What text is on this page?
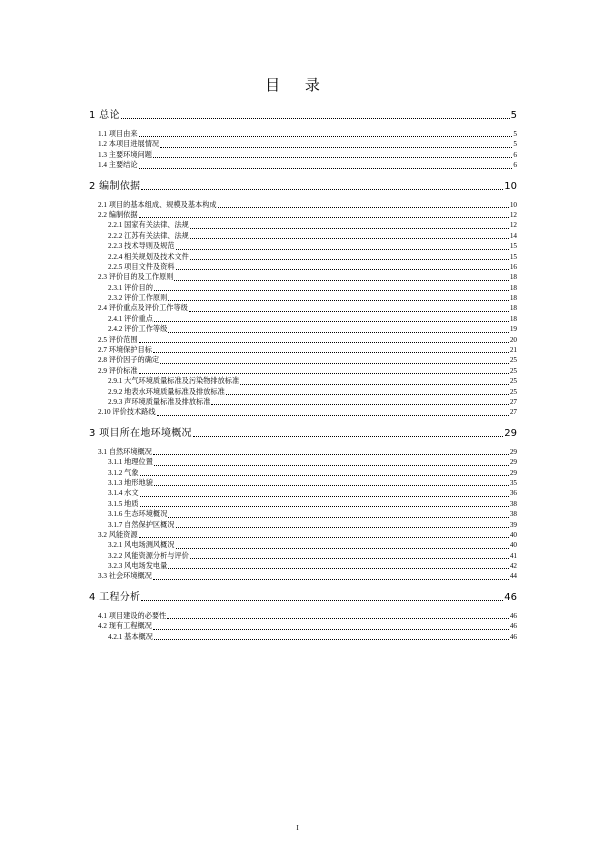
目 录
1 总论	5
1.1 项目由来	5
1.2 本项目进展情况	5
1.3 主要环境问题	6
1.4 主要结论	6
2 编制依据	10
2.1 项目的基本组成、规模及基本构成	10
2.2 编制依据	12
2.2.1 国家有关法律、法规	12
2.2.2 江苏有关法律、法规	14
2.2.3 技术导则及规范	15
2.2.4 相关规划及技术文件	15
2.2.5 项目文件及资料	16
2.3 评价目的及工作原则	18
2.3.1 评价目的	18
2.3.2 评价工作原则	18
2.4 评价重点及评价工作等级	18
2.4.1 评价重点	18
2.4.2 评价工作等级	19
2.5 评价范围	20
2.7 环境保护目标	21
2.8 评价因子的确定	25
2.9 评价标准	25
2.9.1 大气环境质量标准及污染物排放标准	25
2.9.2 地表水环境质量标准及排放标准	25
2.9.3 声环境质量标准及排放标准	27
2.10 评价技术路线	27
3 项目所在地环境概况	29
3.1 自然环境概况	29
3.1.1 地理位置	29
3.1.2 气象	29
3.1.3 地形地貌	35
3.1.4 水文	36
3.1.5 地质	38
3.1.6 生态环境概况	38
3.1.7 自然保护区概况	39
3.2 风能资源	40
3.2.1 风电场测风概况	40
3.2.2 风能资源分析与评价	41
3.2.3 风电场发电量	42
3.3 社会环境概况	44
4 工程分析	46
4.1 项目建设的必要性	46
4.2 现有工程概况	46
4.2.1 基本概况	46
I
